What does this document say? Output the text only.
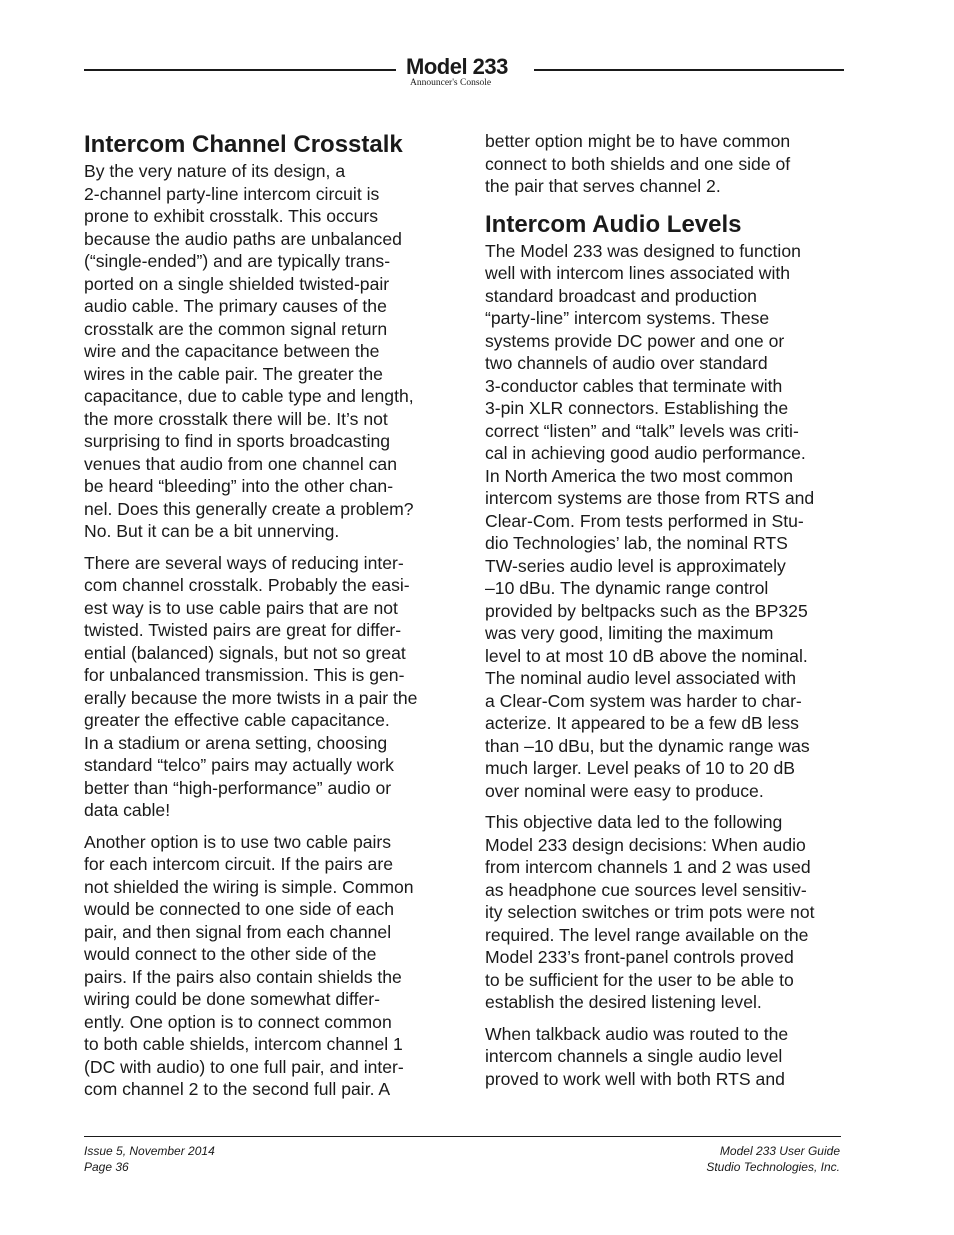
Model 233
Announcer's Console
Intercom Channel Crosstalk

By the very nature of its design, a
2-channel party-line intercom circuit is
prone to exhibit crosstalk. This occurs
because the audio paths are unbalanced
(“single-ended”) and are typically trans-
ported on a single shielded twisted-pair
audio cable. The primary causes of the
crosstalk are the common signal return
wire and the capacitance between the
wires in the cable pair. The greater the
capacitance, due to cable type and length,
the more crosstalk there will be. It’s not
surprising to find in sports broadcasting
venues that audio from one channel can
be heard “bleeding” into the other chan-
nel. Does this generally create a problem?
No. But it can be a bit unnerving.

There are several ways of reducing inter-
com channel crosstalk. Probably the easi-
est way is to use cable pairs that are not
twisted. Twisted pairs are great for differ-
ential (balanced) signals, but not so great
for unbalanced transmission. This is gen-
erally because the more twists in a pair the
greater the effective cable capacitance.
In a stadium or arena setting, choosing
standard “telco” pairs may actually work
better than “high-performance” audio or
data cable!

Another option is to use two cable pairs
for each intercom circuit. If the pairs are
not shielded the wiring is simple. Common
would be connected to one side of each
pair, and then signal from each channel
would connect to the other side of the
pairs. If the pairs also contain shields the
wiring could be done somewhat differ-
ently. One option is to connect common
to both cable shields, intercom channel 1
(DC with audio) to one full pair, and inter-
com channel 2 to the second full pair. A

better option might be to have common
connect to both shields and one side of
the pair that serves channel 2.

Intercom Audio Levels

The Model 233 was designed to function
well with intercom lines associated with
standard broadcast and production
“party-line” intercom systems. These
systems provide DC power and one or
two channels of audio over standard
3-conductor cables that terminate with
3-pin XLR connectors. Establishing the
correct “listen” and “talk” levels was criti-
cal in achieving good audio performance.
In North America the two most common
intercom systems are those from RTS and
Clear-Com. From tests performed in Stu-
dio Technologies’ lab, the nominal RTS
TW-series audio level is approximately
–10 dBu. The dynamic range control
provided by beltpacks such as the BP325
was very good, limiting the maximum
level to at most 10 dB above the nominal.
The nominal audio level associated with
a Clear-Com system was harder to char-
acterize. It appeared to be a few dB less
than –10 dBu, but the dynamic range was
much larger. Level peaks of 10 to 20 dB
over nominal were easy to produce.

This objective data led to the following
Model 233 design decisions: When audio
from intercom channels 1 and 2 was used
as headphone cue sources level sensitiv-
ity selection switches or trim pots were not
required. The level range available on the
Model 233’s front-panel controls proved
to be sufficient for the user to be able to
establish the desired listening level.

When talkback audio was routed to the
intercom channels a single audio level
proved to work well with both RTS and

Issue 5, November 2014
Page 36
Model 233 User Guide
Studio Technologies, Inc.
